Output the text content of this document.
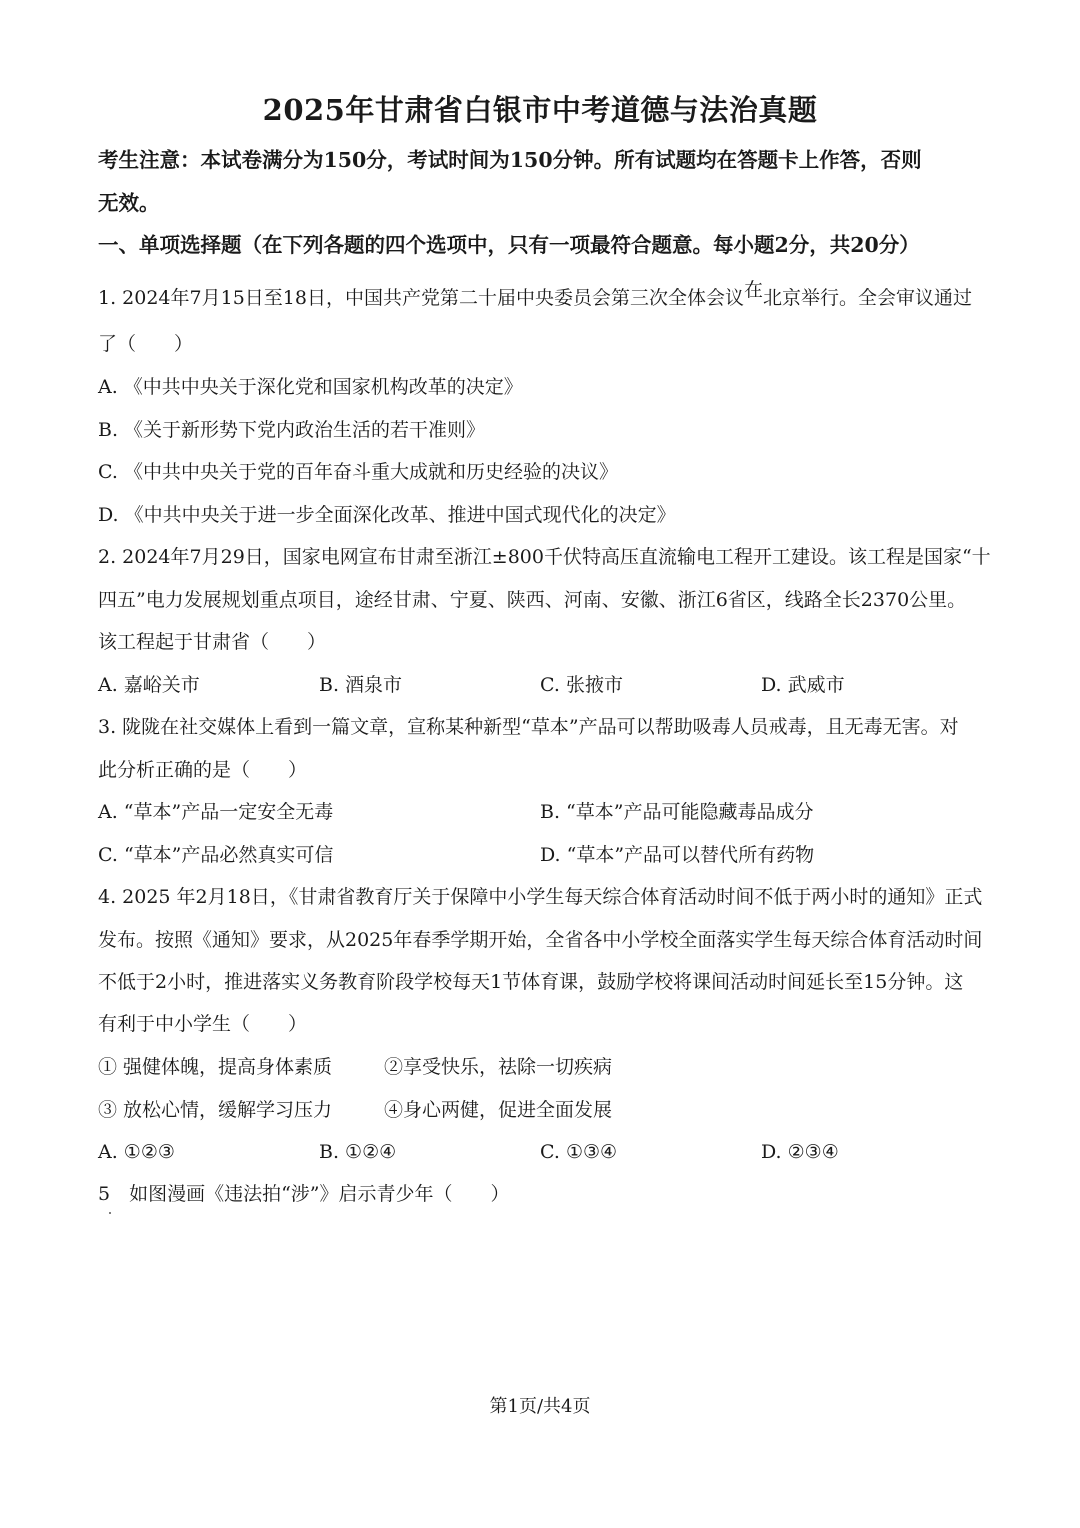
2025年甘肃省白银市中考道德与法治真题
考生注意：本试卷满分为150分，考试时间为150分钟。所有试题均在答题卡上作答，否则
无效。
一、单项选择题（在下列各题的四个选项中，只有一项最符合题意。每小题2分，共20分）
1. 2024年7月15日至18日，中国共产党第二十届中央委员会第三次全体会议在北京举行。全会审议通过
了（　　）
A. 《中共中央关于深化党和国家机构改革的决定》
B. 《关于新形势下党内政治生活的若干准则》
C. 《中共中央关于党的百年奋斗重大成就和历史经验的决议》
D. 《中共中央关于进一步全面深化改革、推进中国式现代化的决定》
2. 2024年7月29日，国家电网宣布甘肃至浙江±800千伏特高压直流输电工程开工建设。该工程是国家“十
四五”电力发展规划重点项目，途经甘肃、宁夏、陕西、河南、安徽、浙江6省区，线路全长2370公里。
该工程起于甘肃省（　　）
A. 嘉峪关市	B. 酒泉市	C. 张掖市	D. 武威市
3. 陇陇在社交媒体上看到一篇文章，宣称某种新型“草本”产品可以帮助吸毒人员戒毒，且无毒无害。对
此分析正确的是（　　）
A. “草本”产品一定安全无毒	B. “草本”产品可能隐藏毒品成分
C. “草本”产品必然真实可信	D. “草本”产品可以替代所有药物
4. 2025 年2月18日，《甘肃省教育厅关于保障中小学生每天综合体育活动时间不低于两小时的通知》正式
发布。按照《通知》要求，从2025年春季学期开始，全省各中小学校全面落实学生每天综合体育活动时间
不低于2小时，推进落实义务教育阶段学校每天1节体育课，鼓励学校将课间活动时间延长至15分钟。这
有利于中小学生（　　）
① 强健体魄，提高身体素质	②享受快乐，祛除一切疾病
③ 放松心情，缓解学习压力	④身心两健，促进全面发展
A. ①②③	B. ①②④	C. ①③④	D. ②③④
5　如图漫画《违法拍“涉”》启示青少年（　　）
第1页/共4页
